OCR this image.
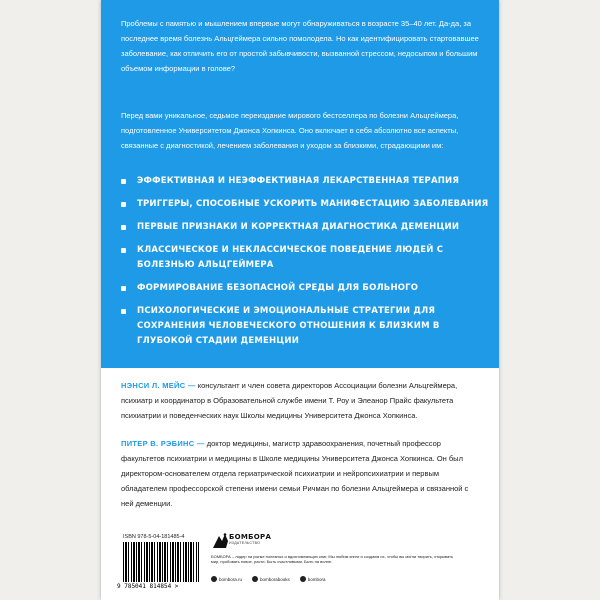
Проблемы с памятью и мышлением впервые могут обнаруживаться в возрасте 35–40 лет. Да-да, за последнее время болезнь Альцгеймера сильно помолодела. Но как идентифицировать стартовавшее заболевание, как отличить его от простой забывчивости, вызванной стрессом, недосыпом и большим объемом информации в голове?

Перед вами уникальное, седьмое переиздание мирового бестселлера по болезни Альцгеймера, подготовленное Университетом Джонса Хопкинса. Оно включает в себя абсолютно все аспекты, связанные с диагностикой, лечением заболевания и уходом за близкими, страдающими им:

ЭФФЕКТИВНАЯ И НЕЭФФЕКТИВНАЯ ЛЕКАРСТВЕННАЯ ТЕРАПИЯ
ТРИГГЕРЫ, СПОСОБНЫЕ УСКОРИТЬ МАНИФЕСТАЦИЮ ЗАБОЛЕВАНИЯ
ПЕРВЫЕ ПРИЗНАКИ И КОРРЕКТНАЯ ДИАГНОСТИКА ДЕМЕНЦИИ
КЛАССИЧЕСКОЕ И НЕКЛАССИЧЕСКОЕ ПОВЕДЕНИЕ ЛЮДЕЙ С БОЛЕЗНЬЮ АЛЬЦГЕЙМЕРА
ФОРМИРОВАНИЕ БЕЗОПАСНОЙ СРЕДЫ ДЛЯ БОЛЬНОГО
ПСИХОЛОГИЧЕСКИЕ И ЭМОЦИОНАЛЬНЫЕ СТРАТЕГИИ ДЛЯ СОХРАНЕНИЯ ЧЕЛОВЕЧЕСКОГО ОТНОШЕНИЯ К БЛИЗКИМ В ГЛУБОКОЙ СТАДИИ ДЕМЕНЦИИ

НЭНСИ Л. МЕЙС — консультант и член совета директоров Ассоциации болезни Альцгеймера, психиатр и координатор в Образовательной службе имени Т. Роу и Элеанор Прайс факультета психиатрии и поведенческих наук Школы медицины Университета Джонса Хопкинса.

ПИТЕР В. РЭБИНС — доктор медицины, магистр здравоохранения, почетный профессор факультетов психиатрии и медицины в Школе медицины Университета Джонса Хопкинса. Он был директором-основателем отдела гериатрической психиатрии и нейропсихиатрии и первым обладателем профессорской степени имени семьи Ричман по болезни Альцгеймера и связанной с ней деменции.

ISBN 978-5-04-181485-4
9 785041 814854 >
БОМБОРА
ИЗДАТЕЛЬСТВО
БОМБОРА – лидер на рынке полезных и вдохновляющих книг. Мы любим книги и создаем их, чтобы вы могли творить, открывать мир, пробовать новое, расти. Быть счастливыми. Быть на волне.
bombora.ru	bomborabooks	bombora
